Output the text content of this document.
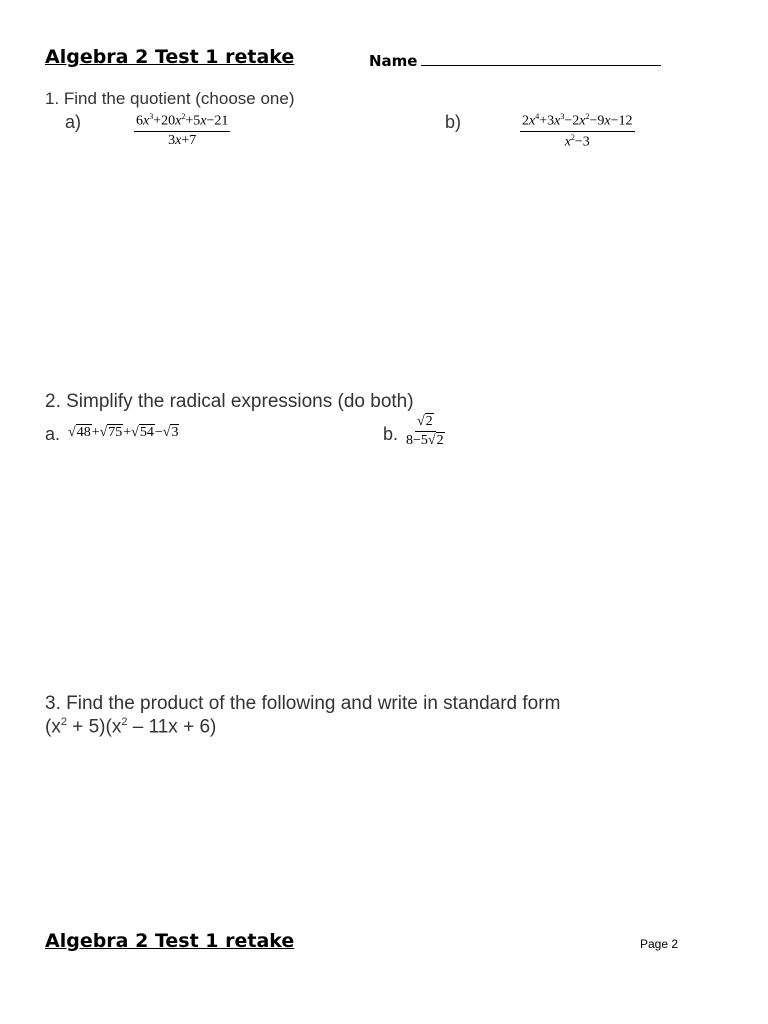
Algebra 2 Test 1 retake	Name
1. Find the quotient (choose one)
a)	$\frac{6x^3+20x^2+5x-21}{3x+7}$	b)	$\frac{2x^4+3x^3-2x^2-9x-12}{x^2-3}$
2. Simplify the radical expressions (do both)
a. √48+√75+√54−√3	b. $\frac{√2}{8-5√2}$
3. Find the product of the following and write in standard form
$(x^2 + 5)(x^2 - 11x + 6)$
Algebra 2 Test 1 retake	Page 2
